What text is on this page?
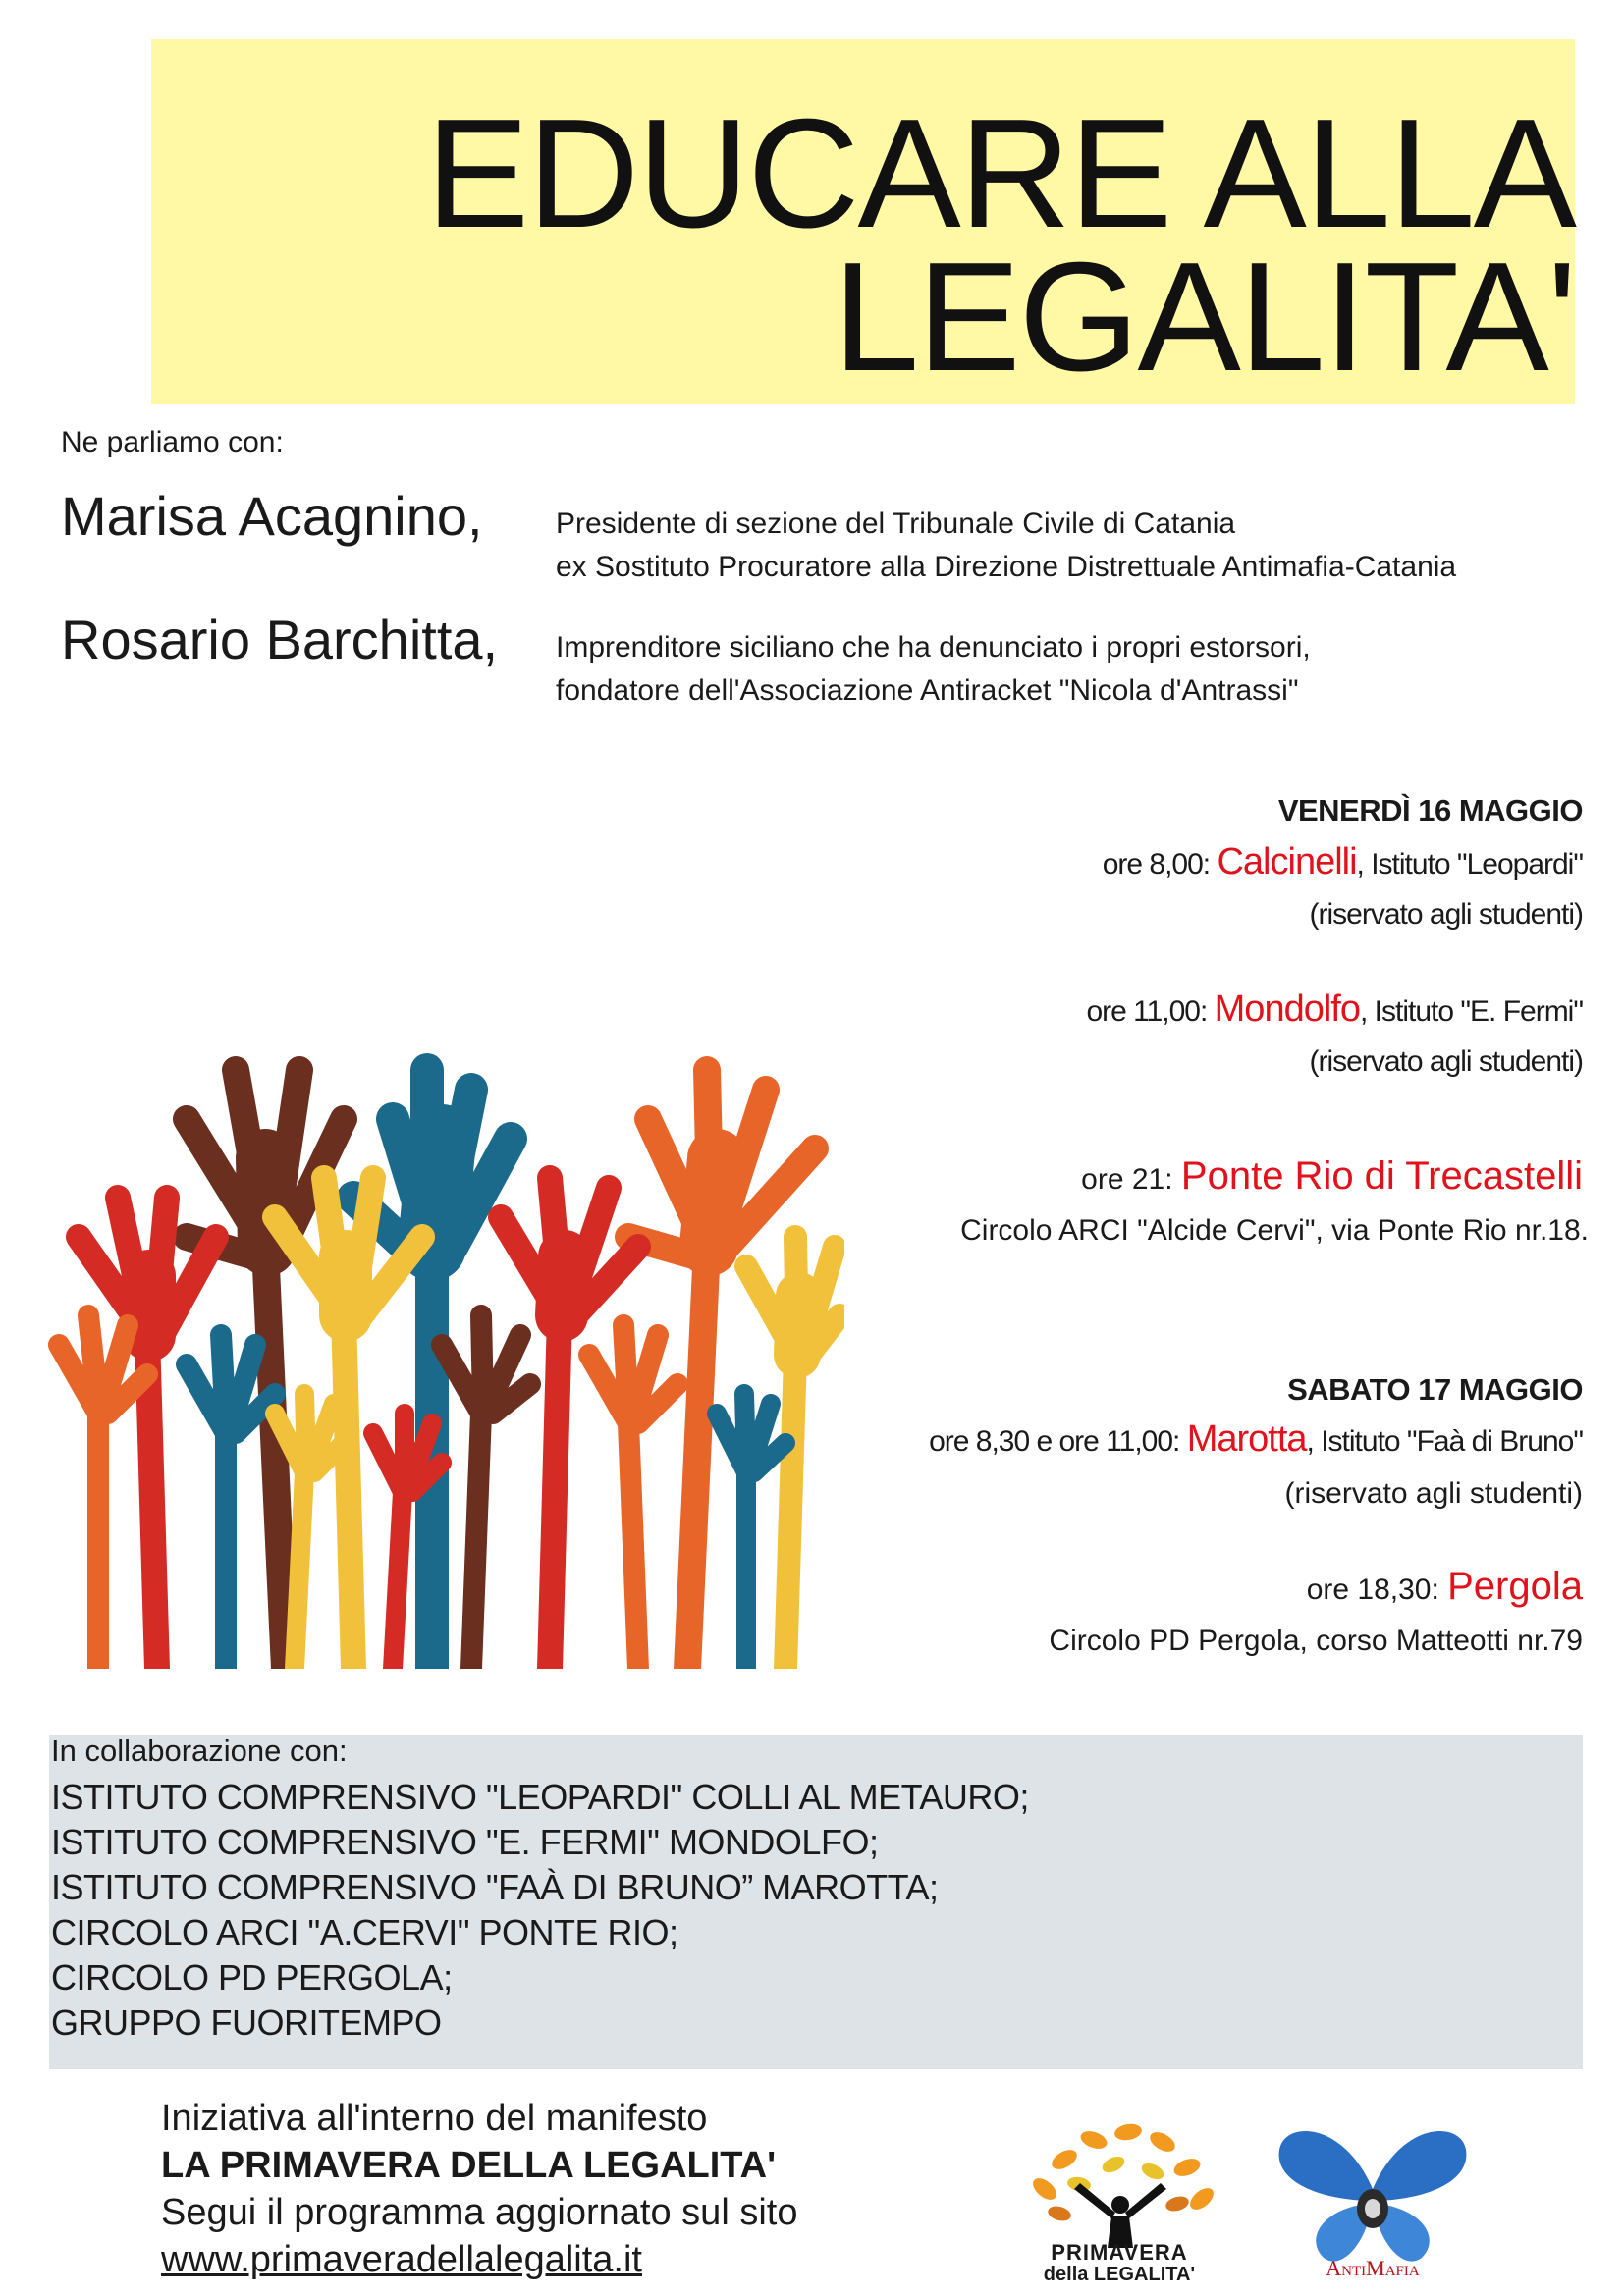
EDUCARE ALLA
LEGALITA'
Ne parliamo con:
Marisa Acagnino, Presidente di sezione del Tribunale Civile di Catania
ex Sostituto Procuratore alla Direzione Distrettuale Antimafia-Catania
Rosario Barchitta, Imprenditore siciliano che ha denunciato i propri estorsori,
fondatore dell'Associazione Antiracket "Nicola d'Antrassi"
VENERDÌ 16 MAGGIO
ore 8,00: Calcinelli, Istituto "Leopardi"
(riservato agli studenti)
ore 11,00: Mondolfo, Istituto "E. Fermi"
(riservato agli studenti)
ore 21: Ponte Rio di Trecastelli
Circolo ARCI "Alcide Cervi", via Ponte Rio nr.18.
SABATO 17 MAGGIO
ore 8,30 e ore 11,00: Marotta, Istituto "Faà di Bruno"
(riservato agli studenti)
ore 18,30: Pergola
Circolo PD Pergola, corso Matteotti nr.79
In collaborazione con:
ISTITUTO COMPRENSIVO "LEOPARDI" COLLI AL METAURO;
ISTITUTO COMPRENSIVO "E. FERMI" MONDOLFO;
ISTITUTO COMPRENSIVO "FAÀ DI BRUNO” MAROTTA;
CIRCOLO ARCI "A.CERVI" PONTE RIO;
CIRCOLO PD PERGOLA;
GRUPPO FUORITEMPO
Iniziativa all'interno del manifesto
LA PRIMAVERA DELLA LEGALITA'
Segui il programma aggiornato sul sito
www.primaveradellalegalita.it	PRIMAVERA
della LEGALITA'	AntiMafia
